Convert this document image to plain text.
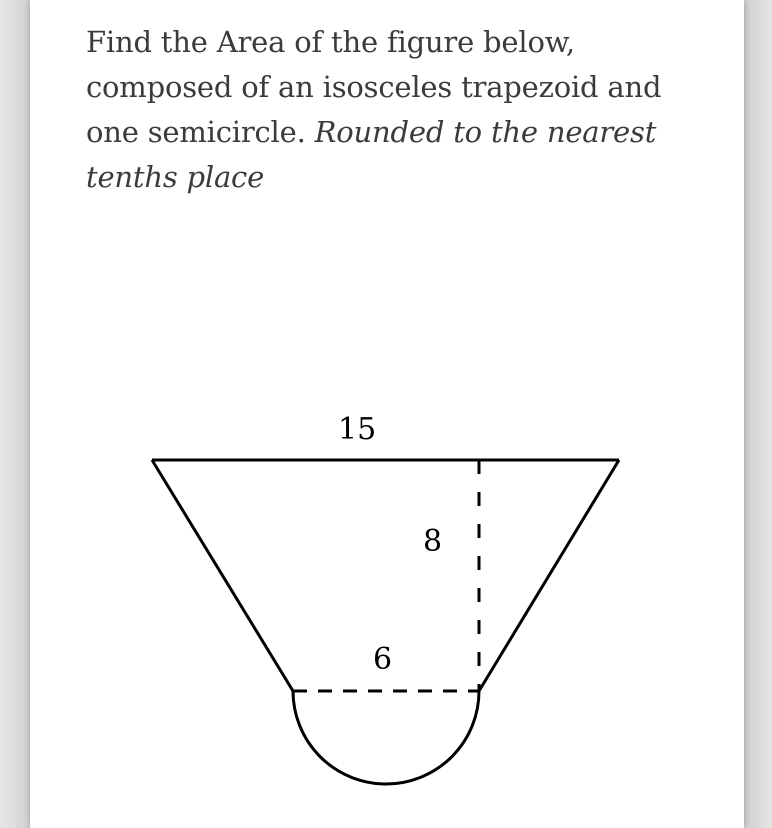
Find the Area of the figure below, composed of an isosceles trapezoid and one semicircle. Rounded to the nearest tenths place

15
8
6
